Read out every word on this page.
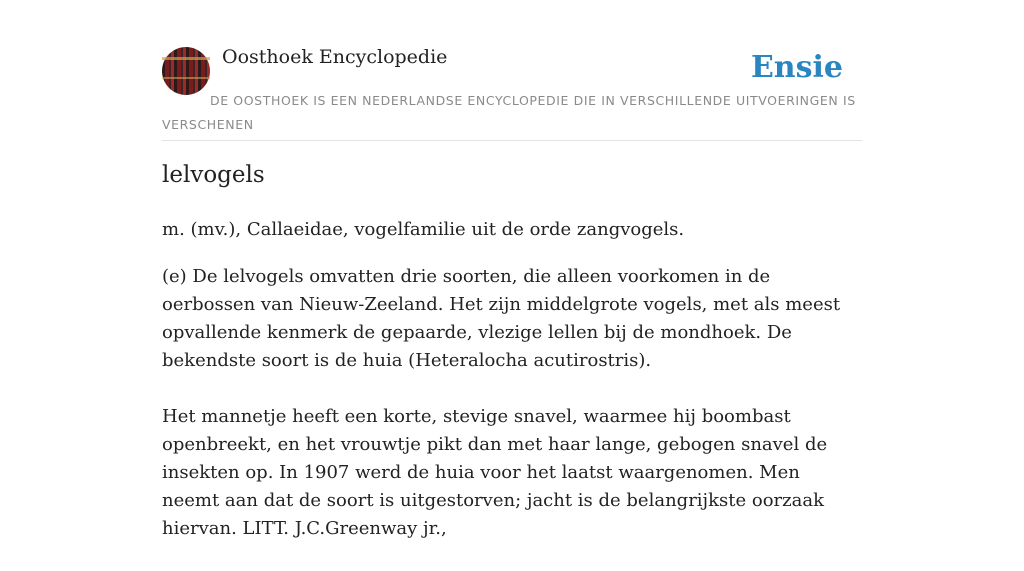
Oosthoek Encyclopedie	Ensie
DE OOSTHOEK IS EEN NEDERLANDSE ENCYCLOPEDIE DIE IN VERSCHILLENDE UITVOERINGEN IS VERSCHENEN
lelvogels

m. (mv.), Callaeidae, vogelfamilie uit de orde zangvogels.

(e) De lelvogels omvatten drie soorten, die alleen voorkomen in de oerbossen van Nieuw-Zeeland. Het zijn middelgrote vogels, met als meest opvallende kenmerk de gepaarde, vlezige lellen bij de mondhoek. De bekendste soort is de huia (Heteralocha acutirostris).

Het mannetje heeft een korte, stevige snavel, waarmee hij boombast openbreekt, en het vrouwtje pikt dan met haar lange, gebogen snavel de insekten op. In 1907 werd de huia voor het laatst waargenomen. Men neemt aan dat de soort is uitgestorven; jacht is de belangrijkste oorzaak hiervan. LITT. J.C.Greenway jr.,
